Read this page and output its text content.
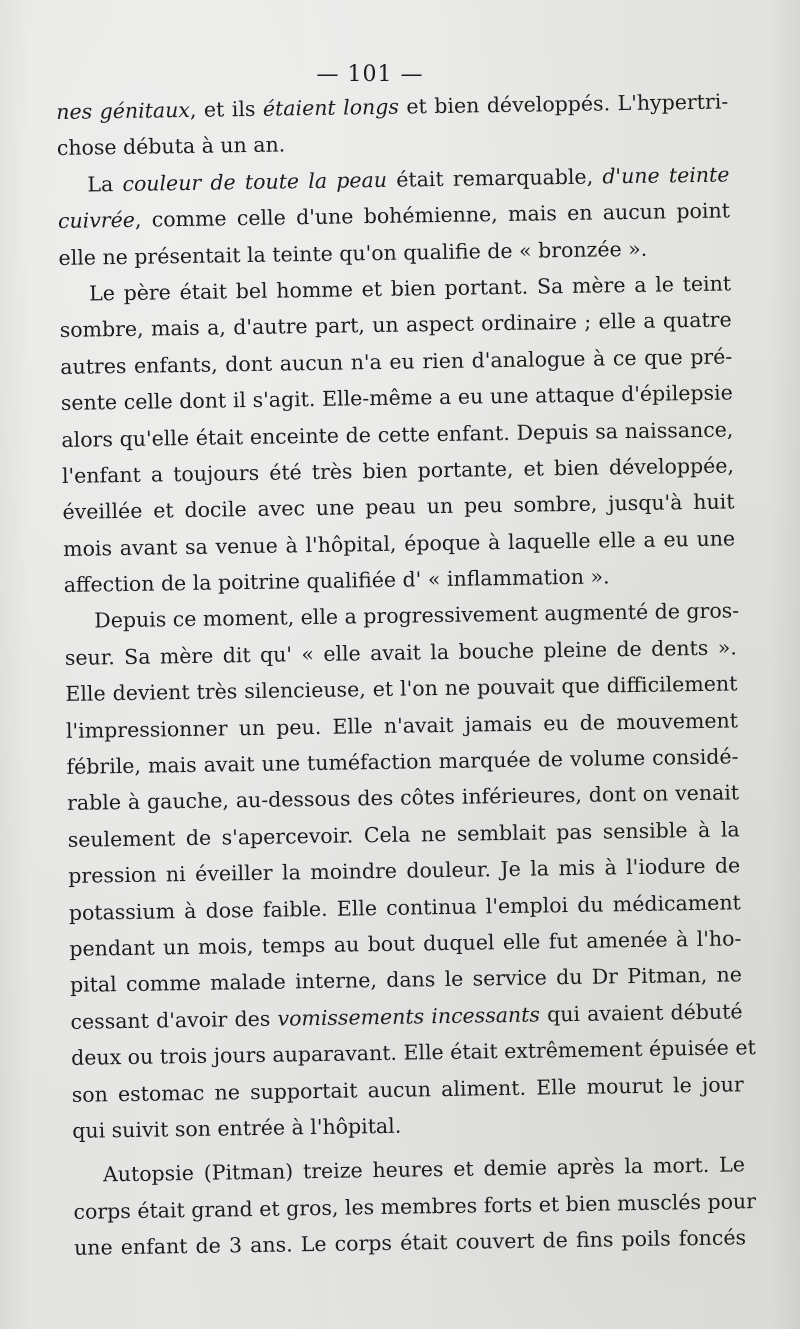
— 101 —
nes génitaux, et ils étaient longs et bien développés. L'hypertri-
chose débuta à un an.
La couleur de toute la peau était remarquable, d'une teinte
cuivrée, comme celle d'une bohémienne, mais en aucun point
elle ne présentait la teinte qu'on qualifie de « bronzée ».
Le père était bel homme et bien portant. Sa mère a le teint
sombre, mais a, d'autre part, un aspect ordinaire ; elle a quatre
autres enfants, dont aucun n'a eu rien d'analogue à ce que pré-
sente celle dont il s'agit. Elle-même a eu une attaque d'épilepsie
alors qu'elle était enceinte de cette enfant. Depuis sa naissance,
l'enfant a toujours été très bien portante, et bien développée,
éveillée et docile avec une peau un peu sombre, jusqu'à huit
mois avant sa venue à l'hôpital, époque à laquelle elle a eu une
affection de la poitrine qualifiée d' « inflammation ».
Depuis ce moment, elle a progressivement augmenté de gros-
seur. Sa mère dit qu' « elle avait la bouche pleine de dents ».
Elle devient très silencieuse, et l'on ne pouvait que difficilement
l'impressionner un peu. Elle n'avait jamais eu de mouvement
fébrile, mais avait une tuméfaction marquée de volume considé-
rable à gauche, au-dessous des côtes inférieures, dont on venait
seulement de s'apercevoir. Cela ne semblait pas sensible à la
pression ni éveiller la moindre douleur. Je la mis à l'iodure de
potassium à dose faible. Elle continua l'emploi du médicament
pendant un mois, temps au bout duquel elle fut amenée à l'ho-
pital comme malade interne, dans le service du Dr Pitman, ne
cessant d'avoir des vomissements incessants qui avaient débuté
deux ou trois jours auparavant. Elle était extrêmement épuisée et
son estomac ne supportait aucun aliment. Elle mourut le jour
qui suivit son entrée à l'hôpital.
Autopsie (Pitman) treize heures et demie après la mort. Le
corps était grand et gros, les membres forts et bien musclés pour
une enfant de 3 ans. Le corps était couvert de fins poils foncés
